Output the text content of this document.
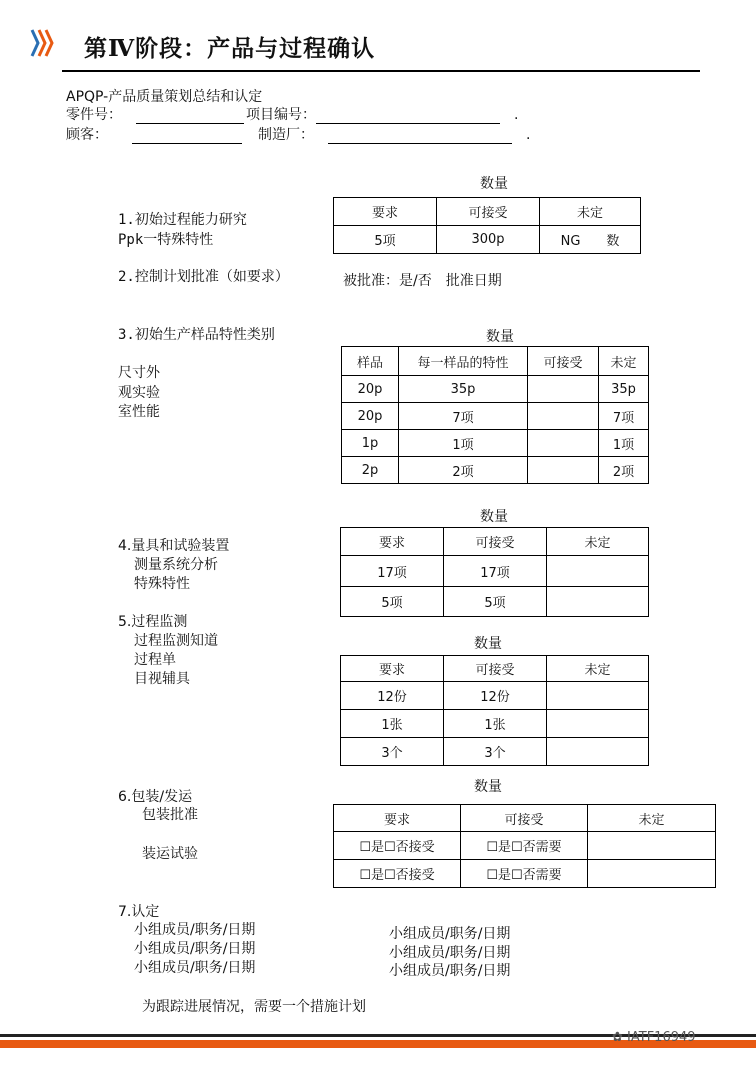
第Ⅳ阶段：产品与过程确认
APQP-产品质量策划总结和认定
零件号：	项目编号：	.
顾客：	制造厂：	.
数量
1.初始过程能力研究
Ppk一特殊特性
要求	可接受	未定
5项	300p	NG　　数
2.控制计划批准（如要求）	被批准：是/否　批准日期
数量
3.初始生产样品特性类别
尺寸外
观实验
室性能
样品	每一样品的特性	可接受	未定
20p	35p		35p
20p	7项		7项
1p	1项		1项
2p	2项		2项
数量
4.量具和试验装置
测量系统分析
特殊特性
要求	可接受	未定
17项	17项	
5项	5项	
5.过程监测
过程监测知道
过程单
目视辅具
数量
要求	可接受	未定
12份	12份	
1张	1张	
3个	3个	
数量
6.包装/发运
包装批准
装运试验
要求	可接受	未定
☐是☐否接受	☐是☐否需要	
☐是☐否接受	☐是☐否需要	
7.认定
小组成员/职务/日期
小组成员/职务/日期
小组成员/职务/日期
小组成员/职务/日期
小组成员/职务/日期
小组成员/职务/日期
为跟踪进展情况，需要一个措施计划
✿ IATF16949
